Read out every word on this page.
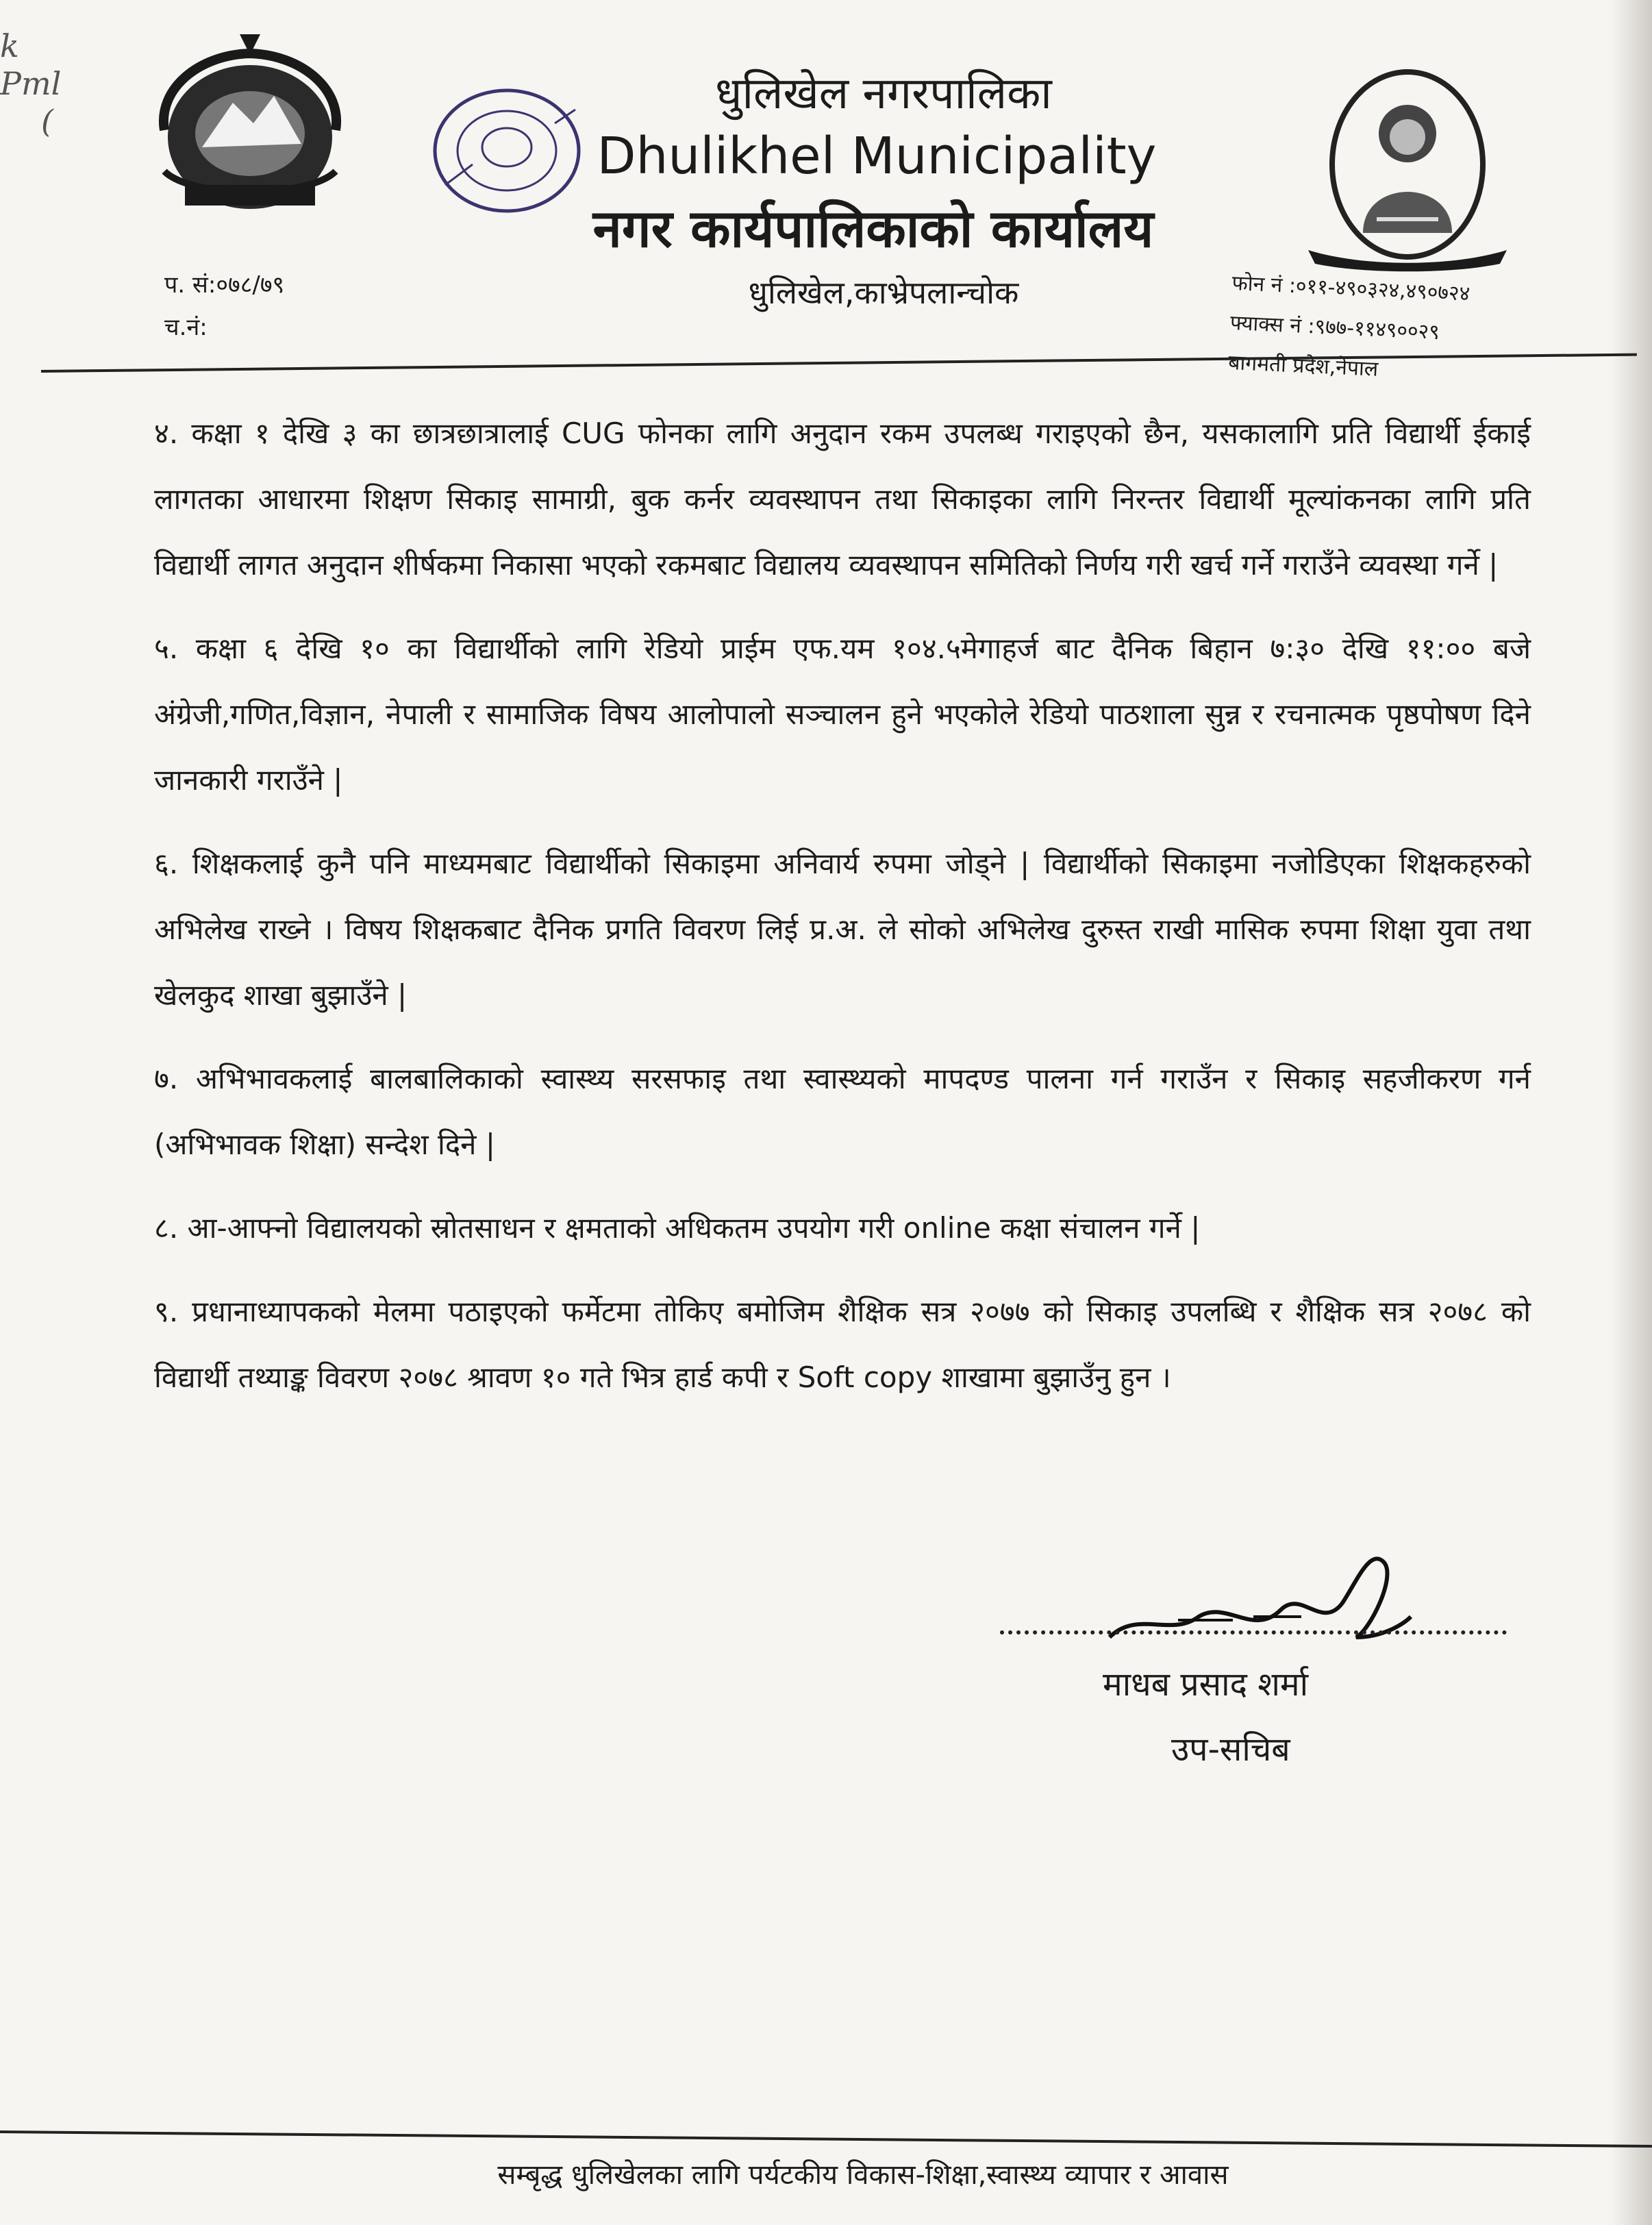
k
Pml
(
धुलिखेल नगरपालिका
Dhulikhel Municipality
नगर कार्यपालिकाको कार्यालय
धुलिखेल,काभ्रेपलान्चोक
प. सं:०७८/७९
च.नं:
फोन नं :०११-४९०३२४,४९०७२४
फ्याक्स नं :९७७-११४९००२९
बागमती प्रदेश,नेपाल

४. कक्षा १ देखि ३ का छात्रछात्रालाई CUG फोनका लागि अनुदान रकम उपलब्ध गराइएको छैन, यसकालागि प्रति विद्यार्थी ईकाई लागतका आधारमा शिक्षण सिकाइ सामाग्री, बुक कर्नर व्यवस्थापन तथा सिकाइका लागि निरन्तर विद्यार्थी मूल्यांकनका लागि प्रति विद्यार्थी लागत अनुदान शीर्षकमा निकासा भएको रकमबाट विद्यालय व्यवस्थापन समितिको निर्णय गरी खर्च गर्ने गराउँने व्यवस्था गर्ने |

५. कक्षा ६ देखि १० का विद्यार्थीको लागि रेडियो प्राईम एफ.यम १०४.५मेगाहर्ज बाट दैनिक बिहान ७:३० देखि ११:०० बजे अंग्रेजी,गणित,विज्ञान, नेपाली र सामाजिक विषय आलोपालो सञ्चालन हुने भएकोले रेडियो पाठशाला सुन्न र रचनात्मक पृष्ठपोषण दिने जानकारी गराउँने |

६. शिक्षकलाई कुनै पनि माध्यमबाट विद्यार्थीको सिकाइमा अनिवार्य रुपमा जोड्ने | विद्यार्थीको सिकाइमा नजोडिएका शिक्षकहरुको अभिलेख राख्ने । विषय शिक्षकबाट दैनिक प्रगति विवरण लिई प्र.अ. ले सोको अभिलेख दुरुस्त राखी मासिक रुपमा शिक्षा युवा तथा खेलकुद शाखा बुझाउँने |

७. अभिभावकलाई बालबालिकाको स्वास्थ्य सरसफाइ तथा स्वास्थ्यको मापदण्ड पालना गर्न गराउँन र सिकाइ सहजीकरण गर्न (अभिभावक शिक्षा) सन्देश दिने |

८. आ-आफ्नो विद्यालयको स्रोतसाधन र क्षमताको अधिकतम उपयोग गरी online कक्षा संचालन गर्ने |

९. प्रधानाध्यापकको मेलमा पठाइएको फर्मेटमा तोकिए बमोजिम शैक्षिक सत्र २०७७ को सिकाइ उपलब्धि र शैक्षिक सत्र २०७८ को विद्यार्थी तथ्याङ्क विवरण २०७८ श्रावण १० गते भित्र हार्ड कपी र Soft copy शाखामा बुझाउँनु हुन ।

माधब प्रसाद शर्मा
उप-सचिब
सम्बृद्ध धुलिखेलका लागि पर्यटकीय विकास-शिक्षा,स्वास्थ्य व्यापार र आवास
